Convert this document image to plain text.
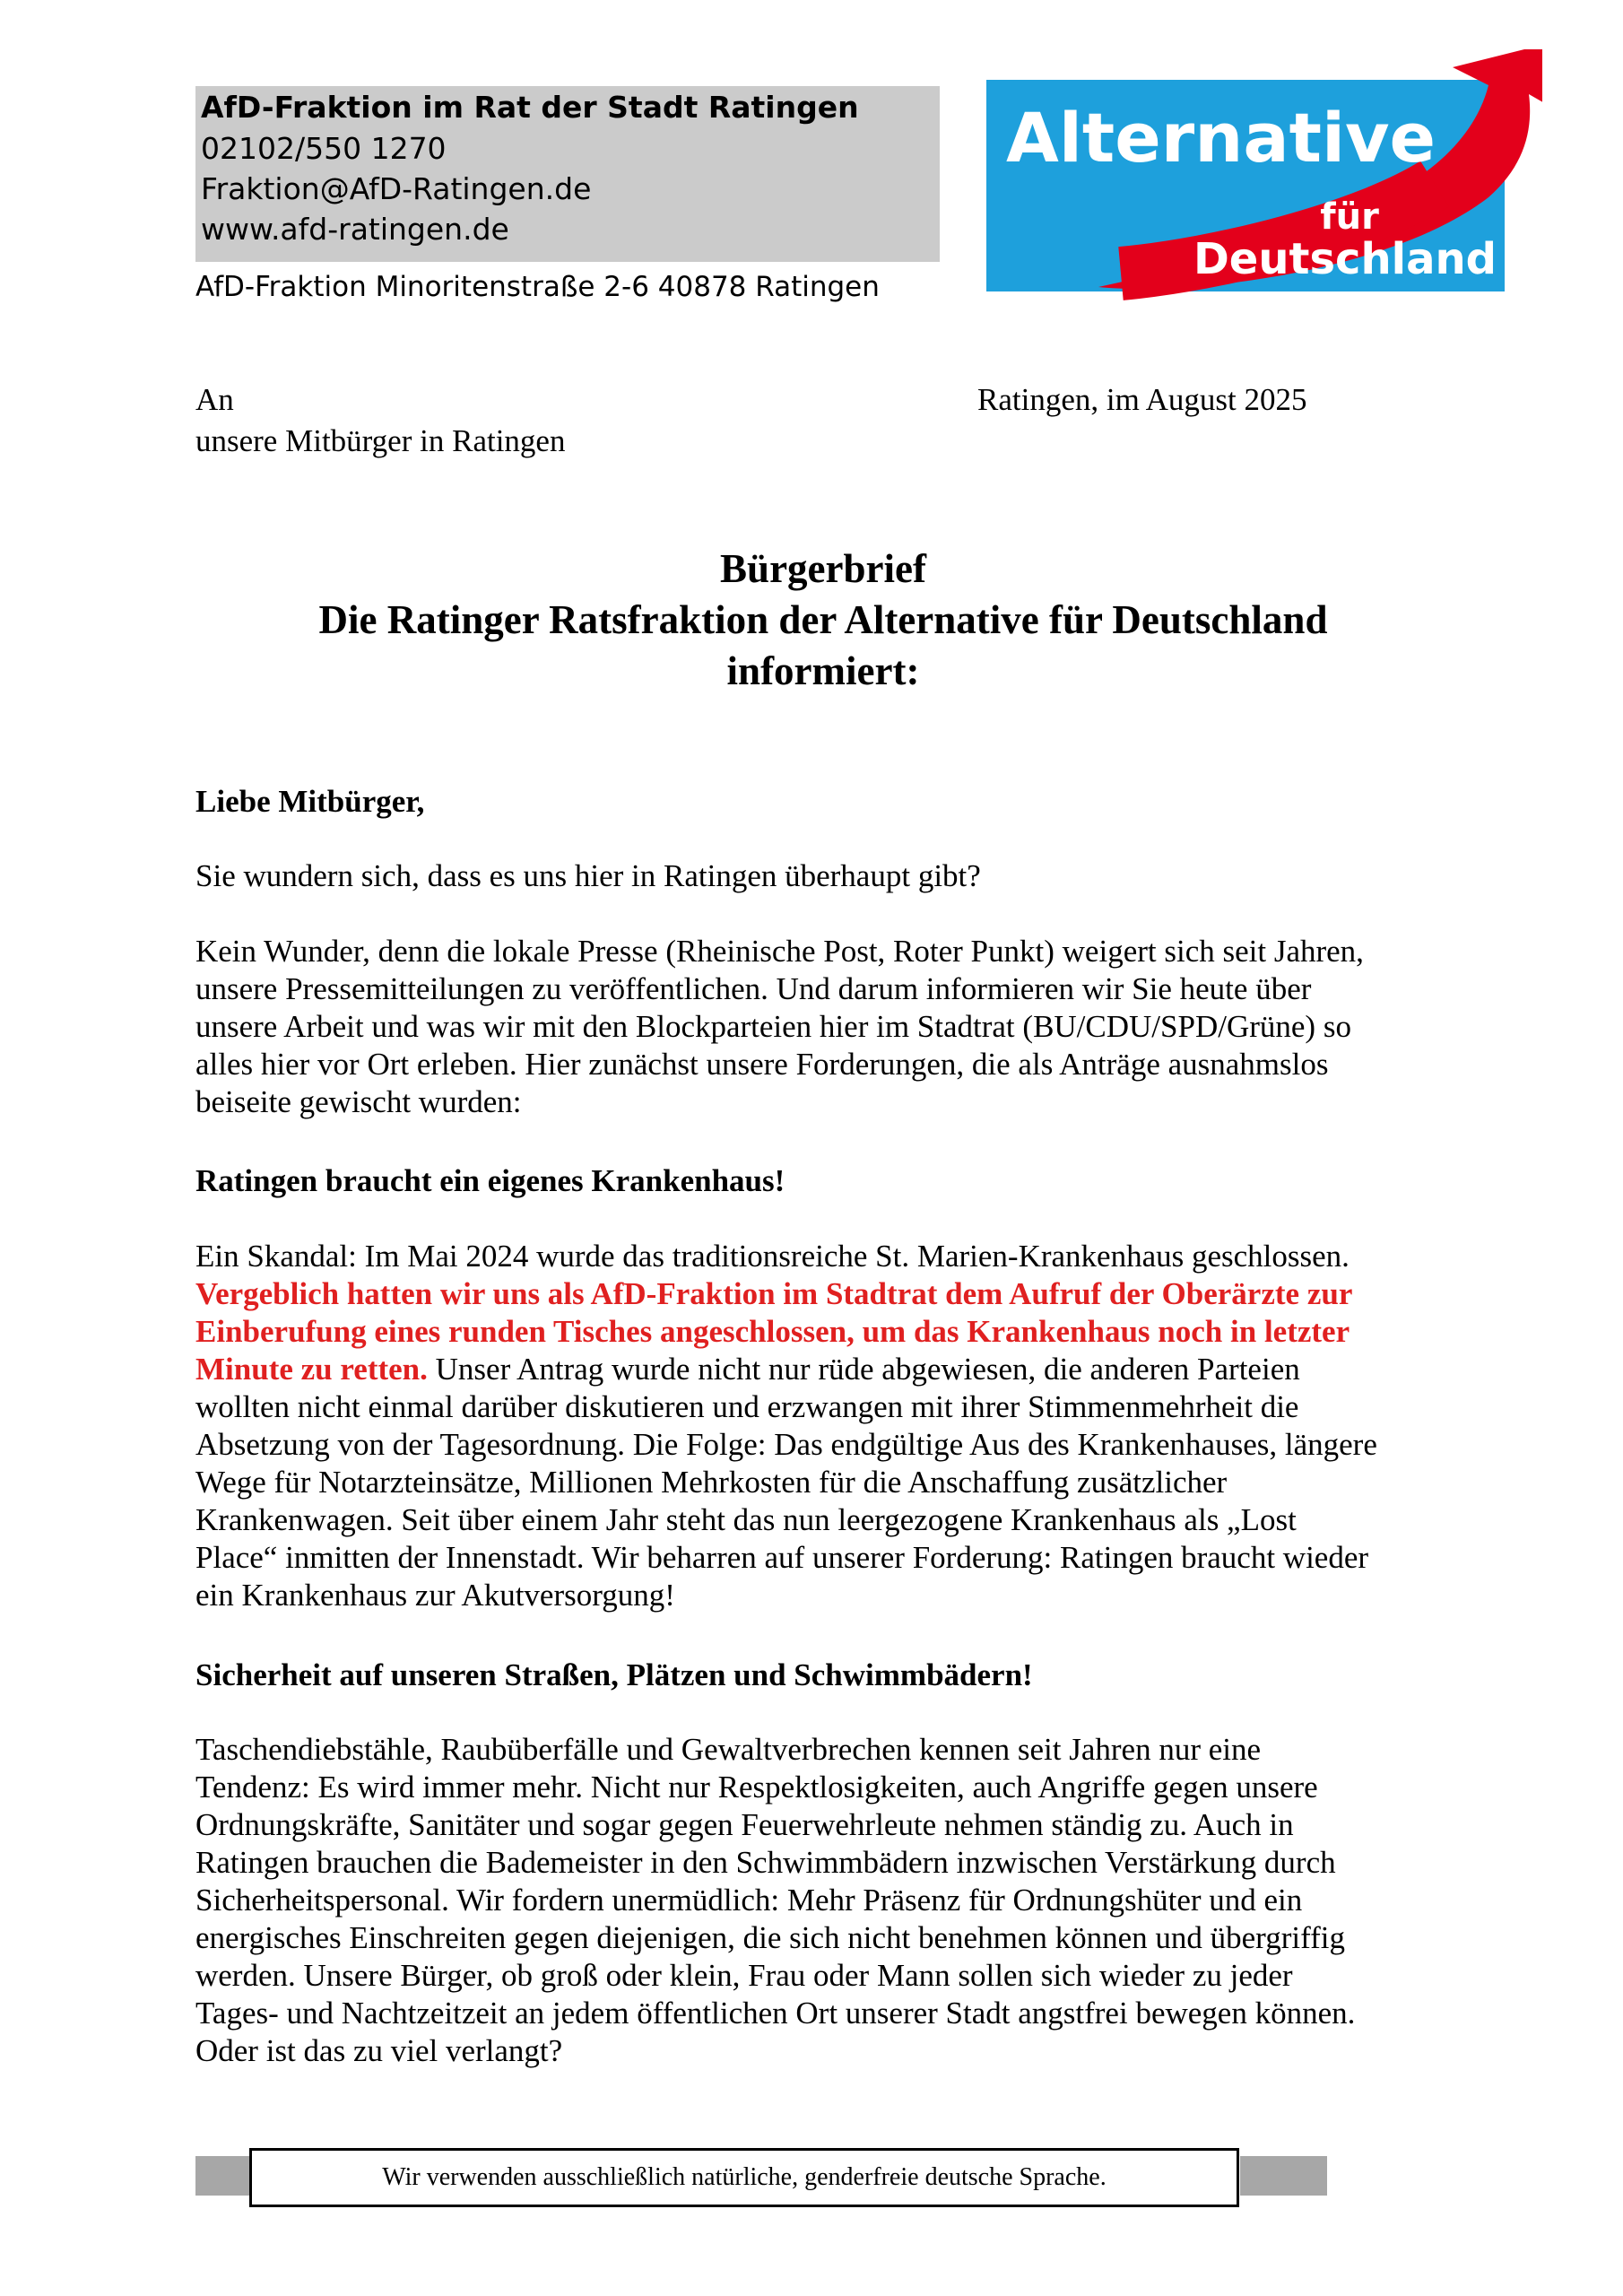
AfD-Fraktion im Rat der Stadt Ratingen
02102/550 1270
Fraktion@AfD-Ratingen.de
www.afd-ratingen.de
AfD-Fraktion Minoritenstraße 2-6 40878 Ratingen
Alternative
für
Deutschland
An
unsere Mitbürger in Ratingen
Ratingen, im August 2025
Bürgerbrief
Die Ratinger Ratsfraktion der Alternative für Deutschland
informiert:
Liebe Mitbürger,
Sie wundern sich, dass es uns hier in Ratingen überhaupt gibt?
Kein Wunder, denn die lokale Presse (Rheinische Post, Roter Punkt) weigert sich seit Jahren,
unsere Pressemitteilungen zu veröffentlichen. Und darum informieren wir Sie heute über
unsere Arbeit und was wir mit den Blockparteien hier im Stadtrat (BU/CDU/SPD/Grüne) so
alles hier vor Ort erleben. Hier zunächst unsere Forderungen, die als Anträge ausnahmslos
beiseite gewischt wurden:
Ratingen braucht ein eigenes Krankenhaus!
Ein Skandal: Im Mai 2024 wurde das traditionsreiche St. Marien-Krankenhaus geschlossen.
Vergeblich hatten wir uns als AfD-Fraktion im Stadtrat dem Aufruf der Oberärzte zur
Einberufung eines runden Tisches angeschlossen, um das Krankenhaus noch in letzter
Minute zu retten. Unser Antrag wurde nicht nur rüde abgewiesen, die anderen Parteien
wollten nicht einmal darüber diskutieren und erzwangen mit ihrer Stimmenmehrheit die
Absetzung von der Tagesordnung. Die Folge: Das endgültige Aus des Krankenhauses, längere
Wege für Notarzteinsätze, Millionen Mehrkosten für die Anschaffung zusätzlicher
Krankenwagen. Seit über einem Jahr steht das nun leergezogene Krankenhaus als „Lost
Place“ inmitten der Innenstadt. Wir beharren auf unserer Forderung: Ratingen braucht wieder
ein Krankenhaus zur Akutversorgung!
Sicherheit auf unseren Straßen, Plätzen und Schwimmbädern!
Taschendiebstähle, Raubüberfälle und Gewaltverbrechen kennen seit Jahren nur eine
Tendenz: Es wird immer mehr. Nicht nur Respektlosigkeiten, auch Angriffe gegen unsere
Ordnungskräfte, Sanitäter und sogar gegen Feuerwehrleute nehmen ständig zu. Auch in
Ratingen brauchen die Bademeister in den Schwimmbädern inzwischen Verstärkung durch
Sicherheitspersonal. Wir fordern unermüdlich: Mehr Präsenz für Ordnungshüter und ein
energisches Einschreiten gegen diejenigen, die sich nicht benehmen können und übergriffig
werden. Unsere Bürger, ob groß oder klein, Frau oder Mann sollen sich wieder zu jeder
Tages- und Nachtzeitzeit an jedem öffentlichen Ort unserer Stadt angstfrei bewegen können.
Oder ist das zu viel verlangt?
Wir verwenden ausschließlich natürliche, genderfreie deutsche Sprache.
